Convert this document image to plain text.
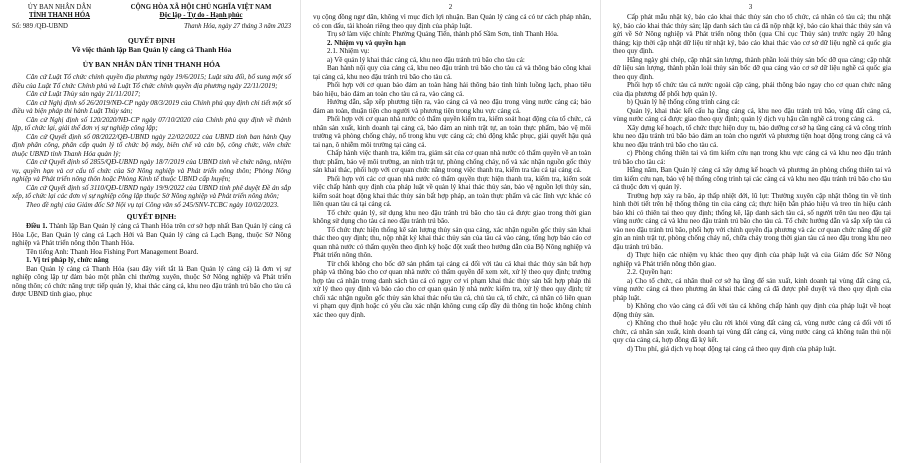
ỦY BAN NHÂN DÂN
TỈNH THANH HÓA
CỘNG HÒA XÃ HỘI CHỦ NGHĨA VIỆT NAM
Độc lập - Tự do - Hạnh phúc
Số: 989 /QĐ-UBND	Thanh Hóa, ngày 27 tháng 3 năm 2023
QUYẾT ĐỊNH
Về việc thành lập Ban Quản lý cảng cá Thanh Hóa
ỦY BAN NHÂN DÂN TỈNH THANH HÓA

Căn cứ Luật Tổ chức chính quyền địa phương ngày 19/6/2015; Luật sửa đổi, bổ sung một số điều của Luật Tổ chức Chính phủ và Luật Tổ chức chính quyền địa phương ngày 22/11/2019;

Căn cứ Luật Thủy sản ngày 21/11/2017;

Căn cứ Nghị định số 26/2019/NĐ-CP ngày 08/3/2019 của Chính phủ quy định chi tiết một số điều và biện pháp thi hành Luật Thủy sản;

Căn cứ Nghị định số 120/2020/NĐ-CP ngày 07/10/2020 của Chính phủ quy định về thành lập, tổ chức lại, giải thể đơn vị sự nghiệp công lập;

Căn cứ Quyết định số 08/2022/QĐ-UBND ngày 22/02/2022 của UBND tỉnh ban hành Quy định phân công, phân cấp quản lý tổ chức bộ máy, biên chế và cán bộ, công chức, viên chức thuộc UBND tỉnh Thanh Hóa quản lý;

Căn cứ Quyết định số 2855/QĐ-UBND ngày 18/7/2019 của UBND tỉnh về chức năng, nhiệm vụ, quyền hạn và cơ cấu tổ chức của Sở Nông nghiệp và Phát triển nông thôn; Phòng Nông nghiệp và Phát triển nông thôn hoặc Phòng Kinh tế thuộc UBND cấp huyện;

Căn cứ Quyết định số 3110/QĐ-UBND ngày 19/9/2022 của UBND tỉnh phê duyệt Đề án sắp xếp, tổ chức lại các đơn vị sự nghiệp công lập thuộc Sở Nông nghiệp và Phát triển nông thôn;

Theo đề nghị của Giám đốc Sở Nội vụ tại Công văn số 245/SNV-TCBC ngày 10/02/2023.

QUYẾT ĐỊNH:

Điều 1. Thành lập Ban Quản lý cảng cá Thanh Hóa trên cơ sở hợp nhất Ban Quản lý cảng cá Hòa Lộc, Ban Quản lý cảng cá Lạch Hới và Ban Quản lý cảng cá Lạch Bạng, thuộc Sở Nông nghiệp và Phát triển nông thôn Thanh Hóa.

Tên tiếng Anh: Thanh Hoa Fishing Port Management Board.

1. Vị trí pháp lý, chức năng

Ban Quản lý cảng cá Thanh Hóa (sau đây viết tắt là Ban Quản lý cảng cá) là đơn vị sự nghiệp công lập tự đảm bảo một phần chi thường xuyên, thuộc Sở Nông nghiệp và Phát triển nông thôn; có chức năng trực tiếp quản lý, khai thác cảng cá, khu neo đậu tránh trú bão cho tàu cá được UBND tỉnh giao, phục

2

vụ cộng đồng ngư dân, không vì mục đích lợi nhuận. Ban Quản lý cảng cá có tư cách pháp nhân, có con dấu, tài khoản riêng theo quy định của pháp luật.

Trụ sở làm việc chính: Phường Quảng Tiến, thành phố Sầm Sơn, tỉnh Thanh Hóa.

2. Nhiệm vụ và quyền hạn

2.1. Nhiệm vụ:

a) Về quản lý khai thác cảng cá, khu neo đậu tránh trú bão cho tàu cá:

Ban hành nội quy của cảng cá, khu neo đậu tránh trú bão cho tàu cá và thông báo công khai tại cảng cá, khu neo đậu tránh trú bão cho tàu cá.

Phối hợp với cơ quan bảo đảm an toàn hàng hải thông báo tình hình luồng lạch, phao tiêu báo hiệu, bảo đảm an toàn cho tàu cá ra, vào cảng cá.

Hướng dẫn, sắp xếp phương tiện ra, vào cảng cá và neo đậu trong vùng nước cảng cá; bảo đảm an toàn, thuận tiện cho người và phương tiện trong khu vực cảng cá.

Phối hợp với cơ quan nhà nước có thẩm quyền kiểm tra, kiểm soát hoạt động của tổ chức, cá nhân sản xuất, kinh doanh tại cảng cá, bảo đảm an ninh trật tự, an toàn thực phẩm, bảo vệ môi trường và phòng chống cháy, nổ trong khu vực cảng cá; chủ động khắc phục, giải quyết hậu quả tai nạn, ô nhiễm môi trường tại cảng cá.

Chấp hành việc thanh tra, kiểm tra, giám sát của cơ quan nhà nước có thẩm quyền về an toàn thực phẩm, bảo vệ môi trường, an ninh trật tự, phòng chống cháy, nổ và xác nhận nguồn gốc thủy sản khai thác, phối hợp với cơ quan chức năng trong việc thanh tra, kiểm tra tàu cá tại cảng cá.

Phối hợp với các cơ quan nhà nước có thẩm quyền thực hiện thanh tra, kiểm tra, kiểm soát việc chấp hành quy định của pháp luật về quản lý khai thác thủy sản, bảo vệ nguồn lợi thủy sản, kiểm soát hoạt động khai thác thủy sản bất hợp pháp, an toàn thực phẩm và các lĩnh vực khác có liên quan tàu cá tại cảng cá.

Tổ chức quản lý, sử dụng khu neo đậu tránh trú bão cho tàu cá được giao trong thời gian không sử dụng cho tàu cá neo đậu tránh trú bão.

Tổ chức thực hiện thống kê sản lượng thủy sản qua cảng, xác nhận nguồn gốc thủy sản khai thác theo quy định; thu, nộp nhật ký khai thác thủy sản của tàu cá vào cảng, tổng hợp báo cáo cơ quan nhà nước có thẩm quyền theo định kỳ hoặc đột xuất theo hướng dẫn của Bộ Nông nghiệp và Phát triển nông thôn.

Từ chối không cho bốc dỡ sản phẩm tại cảng cá đối với tàu cá khai thác thủy sản bất hợp pháp và thông báo cho cơ quan nhà nước có thẩm quyền để xem xét, xử lý theo quy định; trường hợp tàu cá nhận trong danh sách tàu cá có nguy cơ vi phạm khai thác thủy sản bất hợp pháp thì xử lý theo quy định và báo cáo cho cơ quan quản lý nhà nước kiểm tra, xử lý theo quy định; từ chối xác nhận nguồn gốc thủy sản khai thác nếu tàu cá, chủ tàu cá, tổ chức, cá nhân có liên quan vi phạm quy định hoặc có yêu cầu xác nhận không cung cấp đầy đủ thông tin hoặc không chính xác theo quy định.

3

Cấp phát mẫu nhật ký, báo cáo khai thác thủy sản cho tổ chức, cá nhân có tàu cá; thu nhật ký, báo cáo khai thác thủy sản; lập danh sách tàu cá đã nộp nhật ký, báo cáo khai thác thủy sản và gửi về Sở Nông nghiệp và Phát triển nông thôn (qua Chi cục Thủy sản) trước ngày 20 hằng tháng; kịp thời cập nhật dữ liệu từ nhật ký, báo cáo khai thác vào cơ sở dữ liệu nghề cá quốc gia theo quy định.

Hằng ngày ghi chép, cập nhật sản lượng, thành phần loài thủy sản bốc dỡ qua cảng; cập nhật dữ liệu sản lượng, thành phần loài thủy sản bốc dỡ qua cảng vào cơ sở dữ liệu nghề cá quốc gia theo quy định.

Phối hợp tổ chức tàu cá nước ngoài cập cảng, phải thông báo ngay cho cơ quan chức năng của địa phương để phối hợp quản lý.

b) Quản lý hệ thống công trình cảng cá:

Quản lý, khai thác kết cấu hạ tầng cảng cá, khu neo đậu tránh trú bão, vùng đất cảng cá, vùng nước cảng cá được giao theo quy định; quản lý dịch vụ hậu cần nghề cá trong cảng cá.

Xây dựng kế hoạch, tổ chức thực hiện duy tu, bảo dưỡng cơ sở hạ tầng cảng cá và công trình khu neo đậu tránh trú bão bảo đảm an toàn cho người và phương tiện hoạt động trong cảng cá và khu neo đậu tránh trú bão cho tàu cá.

c) Phòng chống thiên tai và tìm kiếm cứu nạn trong khu vực cảng cá và khu neo đậu tránh trú bão cho tàu cá:

Hằng năm, Ban Quản lý cảng cá xây dựng kế hoạch và phương án phòng chống thiên tai và tìm kiếm cứu nạn, báo vệ hệ thống công trình tại các cảng cá và khu neo đậu tránh trú bão cho tàu cá thuộc đơn vị quản lý.

Trường hợp xảy ra bão, áp thấp nhiệt đới, lũ lụt: Thường xuyên cập nhật thông tin về tình hình thời tiết trên hệ thống thông tin của cảng cá; thực hiện bắn pháo hiệu và treo tín hiệu cảnh báo khi có thiên tai theo quy định; thống kê, lập danh sách tàu cá, số người trên tàu neo đậu tại vùng nước cảng cá và khu neo đậu tránh trú bão cho tàu cá. Tổ chức hướng dẫn và sắp xếp tàu cá vào neo đậu tránh trú bão, phối hợp với chính quyền địa phương và các cơ quan chức năng để giữ gìn an ninh trật tự, phòng chống cháy nổ, chữa cháy trong thời gian tàu cá neo đậu trong khu neo đậu tránh trú bão.

d) Thực hiện các nhiệm vụ khác theo quy định của pháp luật và của Giám đốc Sở Nông nghiệp và Phát triển nông thôn giao.

2.2. Quyền hạn:

a) Cho tổ chức, cá nhân thuê cơ sở hạ tầng để sản xuất, kinh doanh tại vùng đất cảng cá, vùng nước cảng cá theo phương án khai thác cảng cá đã được phê duyệt và theo quy định của pháp luật.

b) Không cho vào cảng cá đối với tàu cá không chấp hành quy định của pháp luật về hoạt động thủy sản.

c) Không cho thuê hoặc yêu cầu rời khỏi vùng đất cảng cá, vùng nước cảng cá đối với tổ chức, cá nhân sản xuất, kinh doanh tại vùng đất cảng cá, vùng nước cảng cá không tuân thủ nội quy của cảng cá, hợp đồng đã ký kết.

d) Thu phí, giá dịch vụ hoạt động tại cảng cá theo quy định của pháp luật.
